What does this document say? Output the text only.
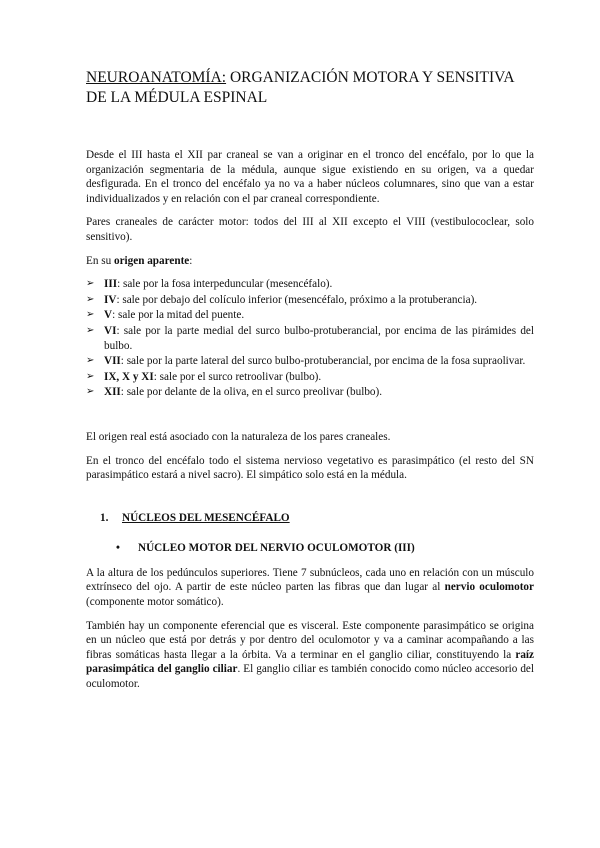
NEUROANATOMÍA: ORGANIZACIÓN MOTORA Y SENSITIVA DE LA MÉDULA ESPINAL

Desde el III hasta el XII par craneal se van a originar en el tronco del encéfalo, por lo que la organización segmentaria de la médula, aunque sigue existiendo en su origen, va a quedar desfigurada. En el tronco del encéfalo ya no va a haber núcleos columnares, sino que van a estar individualizados y en relación con el par craneal correspondiente.

Pares craneales de carácter motor: todos del III al XII excepto el VIII (vestibulococlear, solo sensitivo).

En su origen aparente:

➢ III: sale por la fosa interpeduncular (mesencéfalo).
➢ IV: sale por debajo del colículo inferior (mesencéfalo, próximo a la protuberancia).
➢ V: sale por la mitad del puente.
➢ VI: sale por la parte medial del surco bulbo-protuberancial, por encima de las pirámides del bulbo.
➢ VII: sale por la parte lateral del surco bulbo-protuberancial, por encima de la fosa supraolivar.
➢ IX, X y XI: sale por el surco retroolivar (bulbo).
➢ XII: sale por delante de la oliva, en el surco preolivar (bulbo).

El origen real está asociado con la naturaleza de los pares craneales.

En el tronco del encéfalo todo el sistema nervioso vegetativo es parasimpático (el resto del SN parasimpático estará a nivel sacro). El simpático solo está en la médula.

1. NÚCLEOS DEL MESENCÉFALO
• NÚCLEO MOTOR DEL NERVIO OCULOMOTOR (III)

A la altura de los pedúnculos superiores. Tiene 7 subnúcleos, cada uno en relación con un músculo extrínseco del ojo. A partir de este núcleo parten las fibras que dan lugar al nervio oculomotor (componente motor somático).

También hay un componente eferencial que es visceral. Este componente parasimpático se origina en un núcleo que está por detrás y por dentro del oculomotor y va a caminar acompañando a las fibras somáticas hasta llegar a la órbita. Va a terminar en el ganglio ciliar, constituyendo la raíz parasimpática del ganglio ciliar. El ganglio ciliar es también conocido como núcleo accesorio del oculomotor.
